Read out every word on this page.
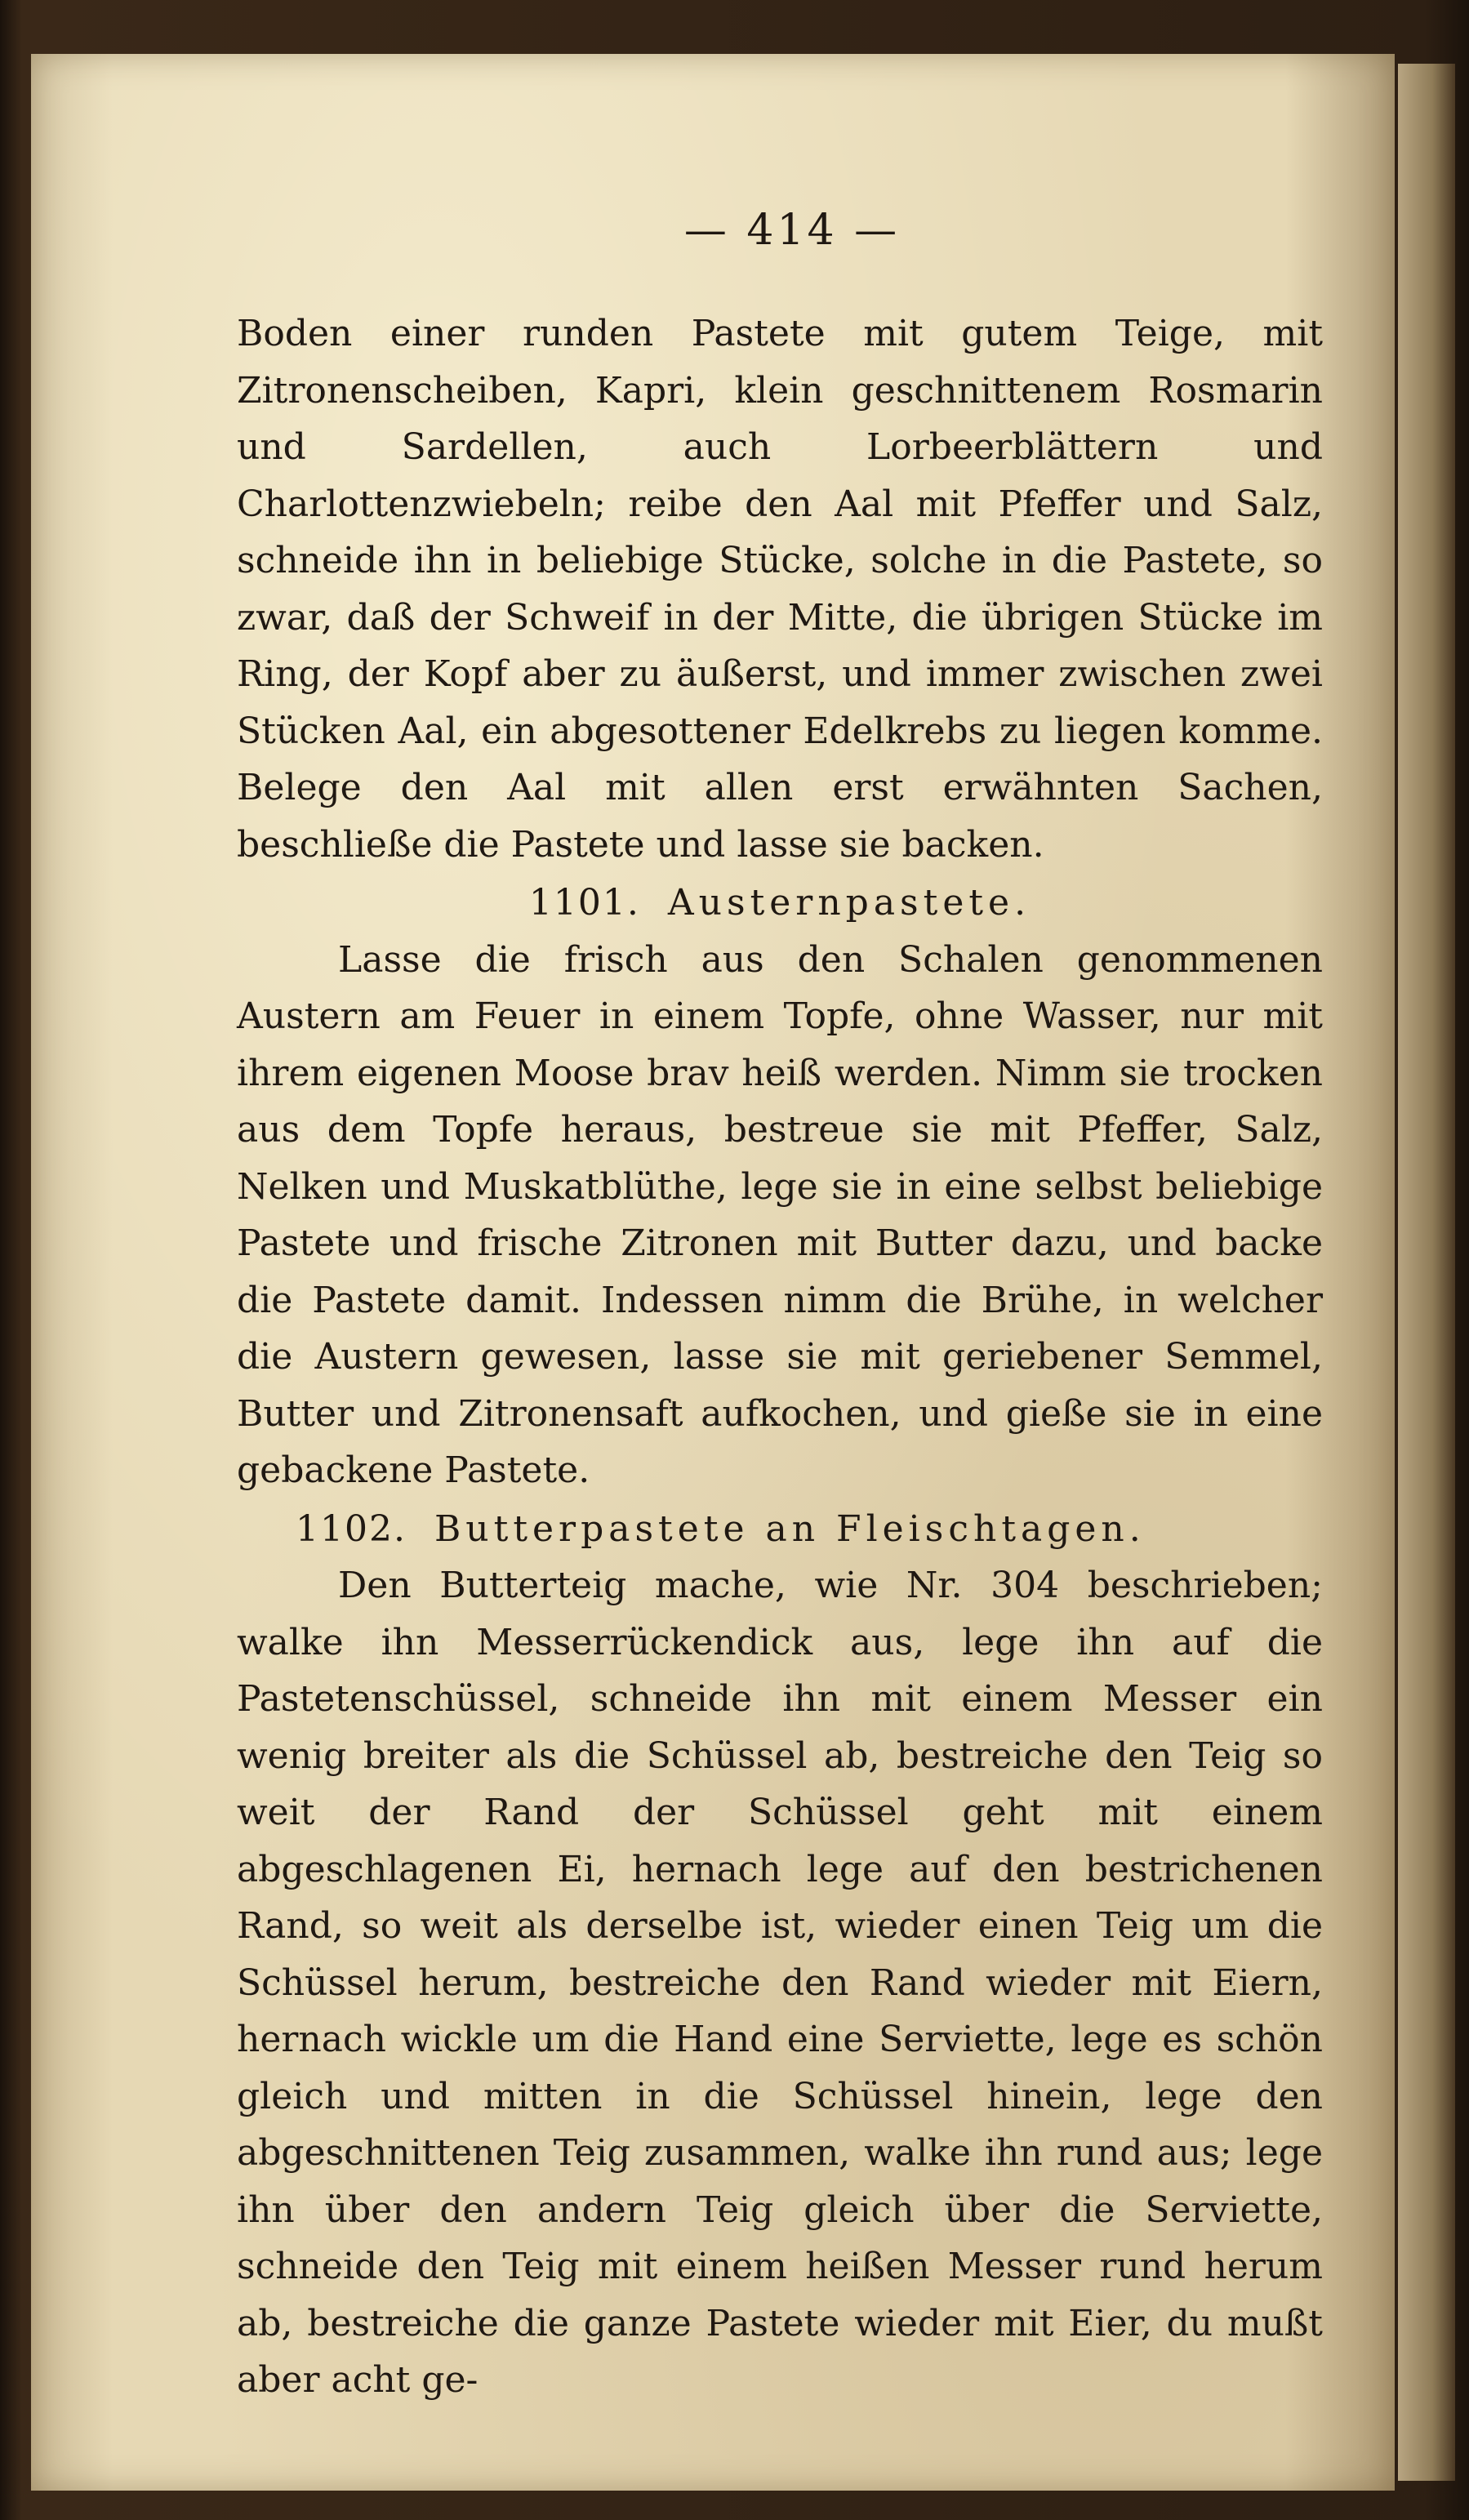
— 414 —

Boden einer runden Pastete mit gutem Teige, mit Zitronenscheiben, Kapri, klein geschnittenem Rosmarin und Sardellen, auch Lorbeerblättern und Charlottenzwiebeln; reibe den Aal mit Pfeffer und Salz, schneide ihn in beliebige Stücke, solche in die Pastete, so zwar, daß der Schweif in der Mitte, die übrigen Stücke im Ring, der Kopf aber zu äußerst, und immer zwischen zwei Stücken Aal, ein abgesottener Edelkrebs zu liegen komme. Belege den Aal mit allen erst erwähnten Sachen, beschließe die Pastete und lasse sie backen.

1101. Austernpastete.

Lasse die frisch aus den Schalen genommenen Austern am Feuer in einem Topfe, ohne Wasser, nur mit ihrem eigenen Moose brav heiß werden. Nimm sie trocken aus dem Topfe heraus, bestreue sie mit Pfeffer, Salz, Nelken und Muskatblüthe, lege sie in eine selbst beliebige Pastete und frische Zitronen mit Butter dazu, und backe die Pastete damit. Indessen nimm die Brühe, in welcher die Austern gewesen, lasse sie mit geriebener Semmel, Butter und Zitronensaft aufkochen, und gieße sie in eine gebackene Pastete.

1102. Butterpastete an Fleischtagen.

Den Butterteig mache, wie Nr. 304 beschrieben; walke ihn Messerrückendick aus, lege ihn auf die Pastetenschüssel, schneide ihn mit einem Messer ein wenig breiter als die Schüssel ab, bestreiche den Teig so weit der Rand der Schüssel geht mit einem abgeschlagenen Ei, hernach lege auf den bestrichenen Rand, so weit als derselbe ist, wieder einen Teig um die Schüssel herum, bestreiche den Rand wieder mit Eiern, hernach wickle um die Hand eine Serviette, lege es schön gleich und mitten in die Schüssel hinein, lege den abgeschnittenen Teig zusammen, walke ihn rund aus; lege ihn über den andern Teig gleich über die Serviette, schneide den Teig mit einem heißen Messer rund herum ab, bestreiche die ganze Pastete wieder mit Eier, du mußt aber acht ge-
